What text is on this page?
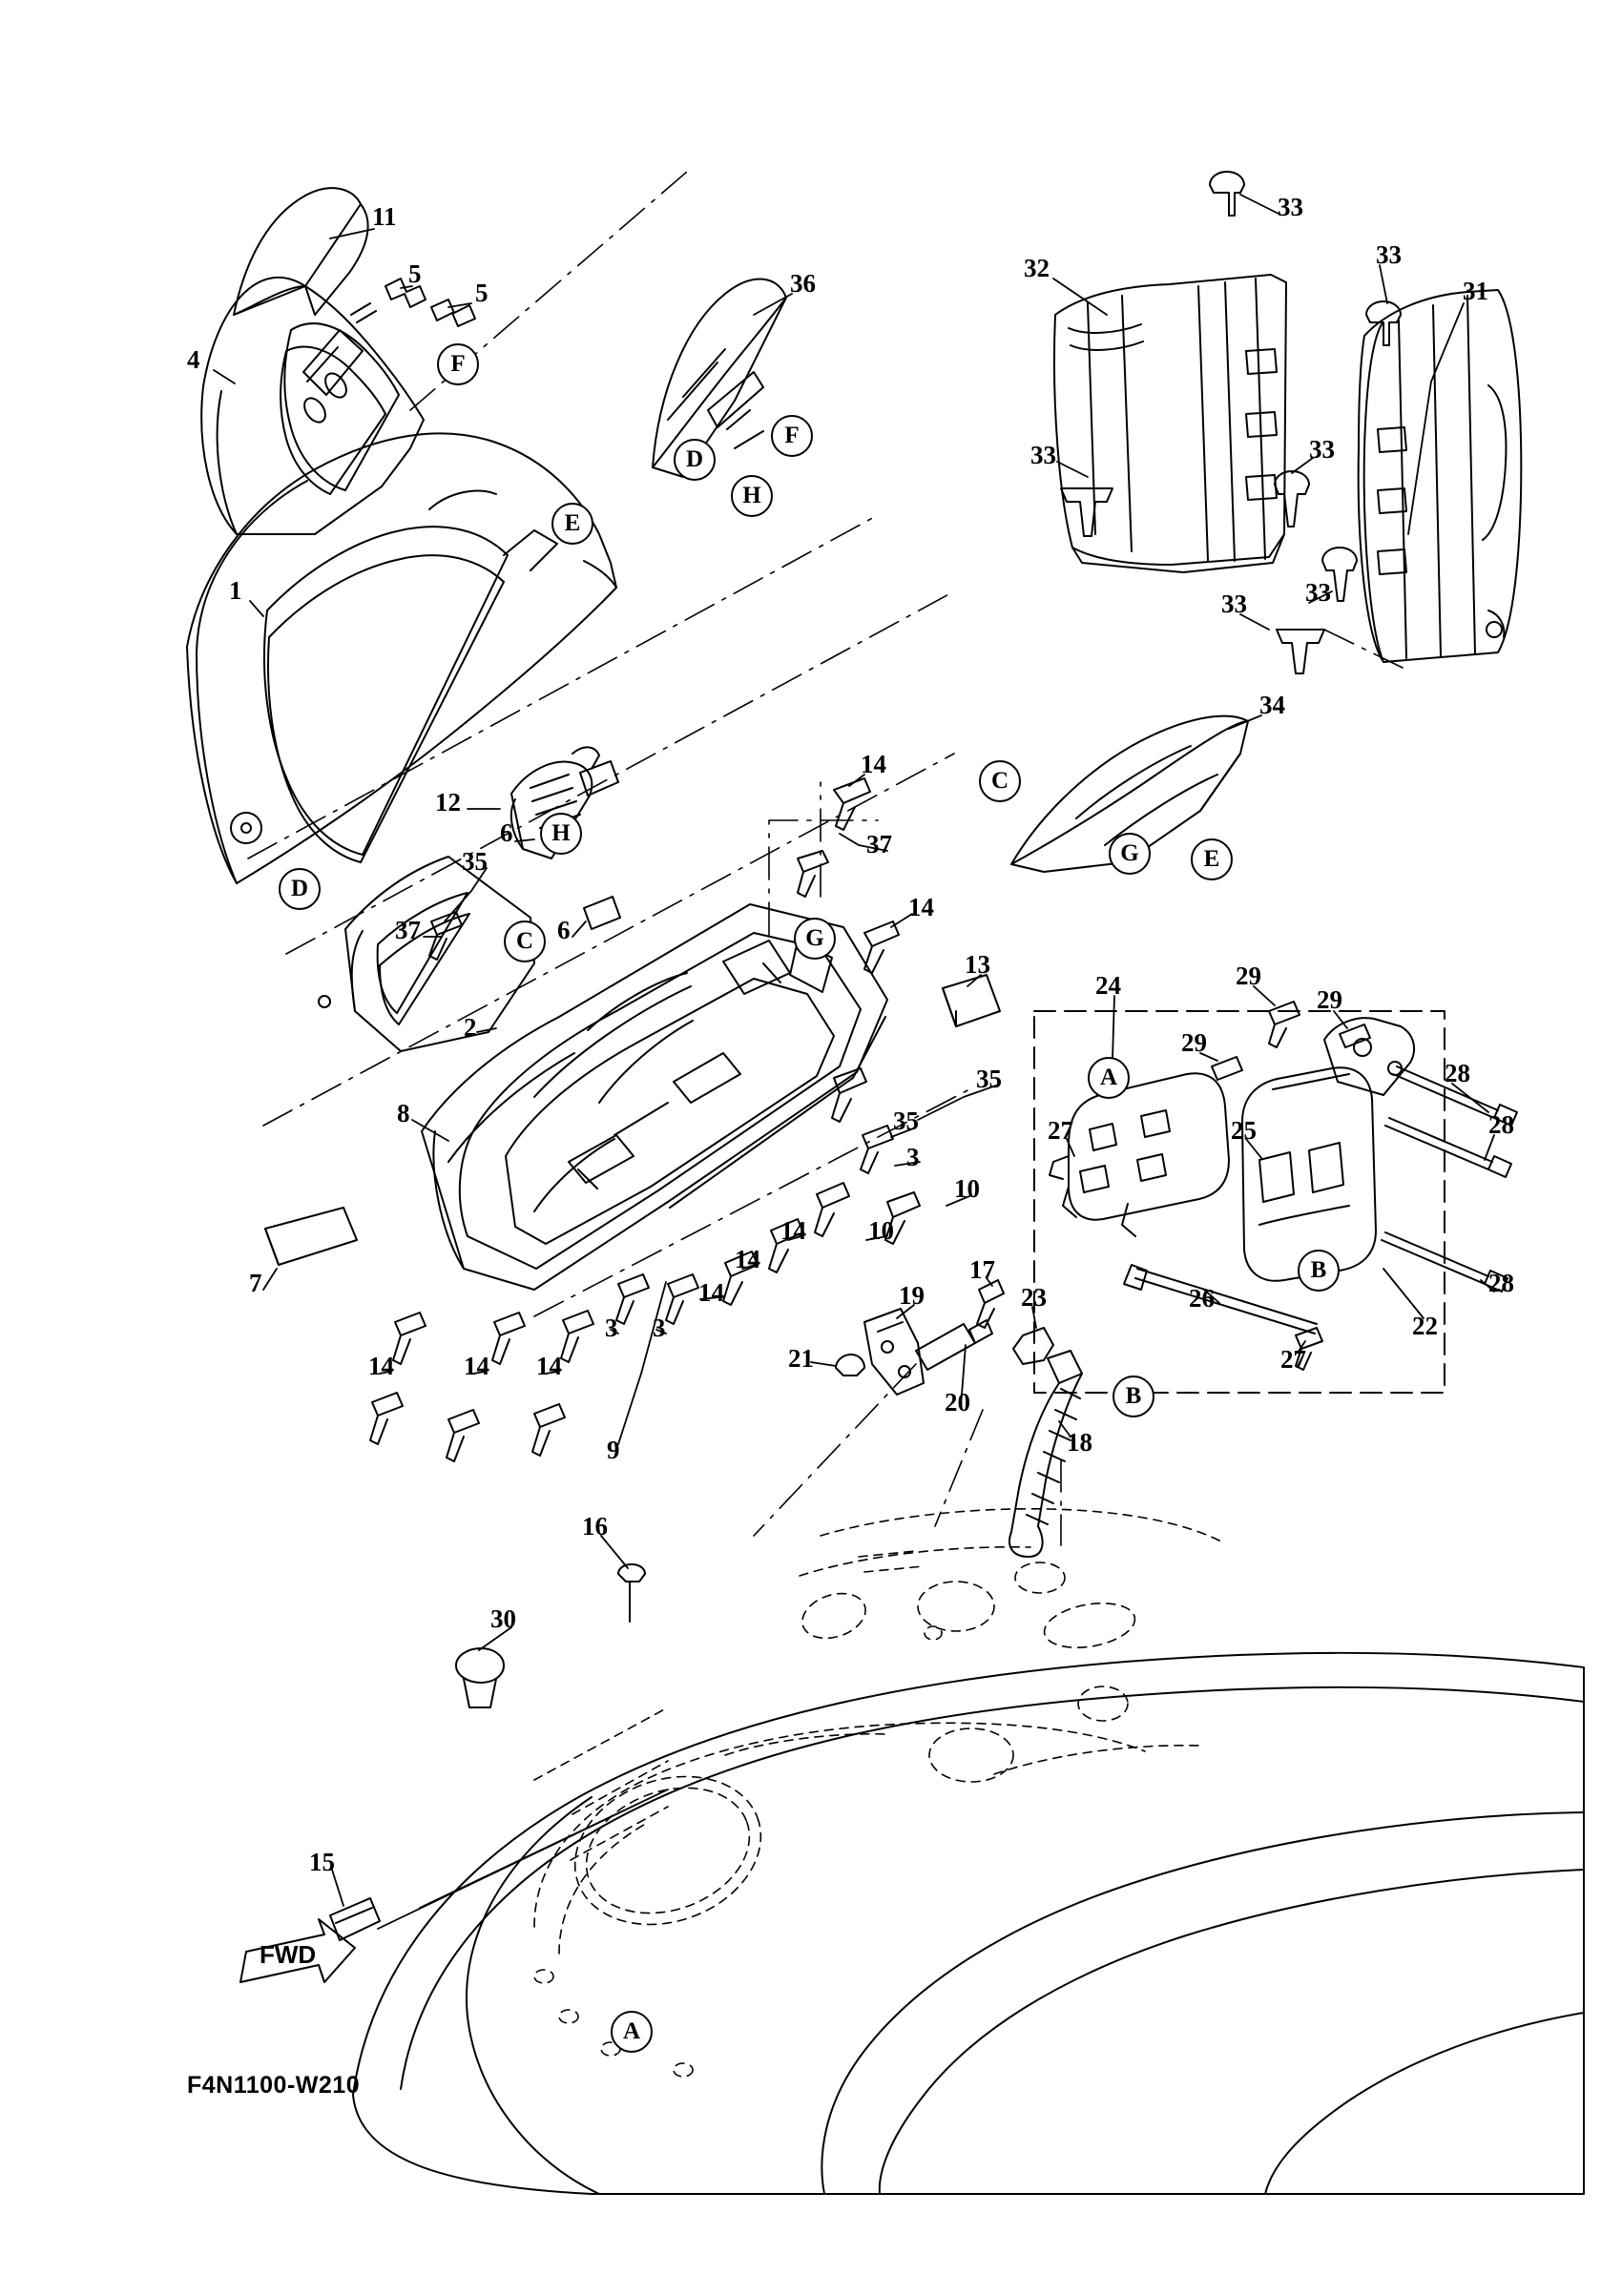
11
5
5
4
36
1
12
6
35
37	6
37
14
14
2
8
13
35
35
3
10
10
14
14
14
3
3
14
14
14
9
7
33
32	33
31
33	33
33 33
34
24	29
29
29
28
28
27	25
26
28
22
27
17
19	23
21
20
18
16
30
15
F
F
D
H
E
D
C
H
G
C
G	E
A
B
B
A
FWD
F4N1100-W210
